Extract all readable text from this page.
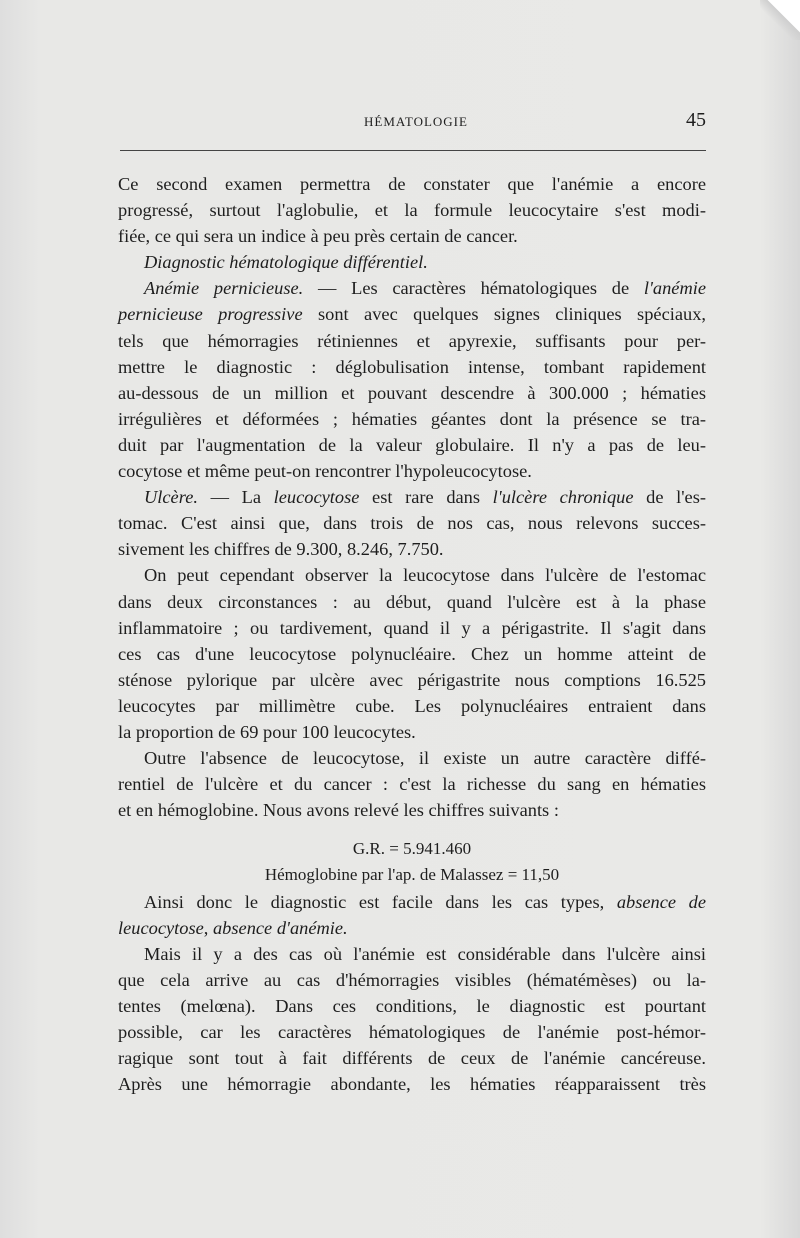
HÉMATOLOGIE	45
Ce second examen permettra de constater que l'anémie a encore
progressé, surtout l'aglobulie, et la formule leucocytaire s'est modi-
fiée, ce qui sera un indice à peu près certain de cancer.
Diagnostic hématologique différentiel.
Anémie pernicieuse. — Les caractères hématologiques de l'anémie
pernicieuse progressive sont avec quelques signes cliniques spéciaux,
tels que hémorragies rétiniennes et apyrexie, suffisants pour per-
mettre le diagnostic : déglobulisation intense, tombant rapidement
au-dessous de un million et pouvant descendre à 300.000 ; hématies
irrégulières et déformées ; hématies géantes dont la présence se tra-
duit par l'augmentation de la valeur globulaire. Il n'y a pas de leu-
cocytose et même peut-on rencontrer l'hypoleucocytose.
Ulcère. — La leucocytose est rare dans l'ulcère chronique de l'es-
tomac. C'est ainsi que, dans trois de nos cas, nous relevons succes-
sivement les chiffres de 9.300, 8.246, 7.750.
On peut cependant observer la leucocytose dans l'ulcère de l'estomac
dans deux circonstances : au début, quand l'ulcère est à la phase
inflammatoire ; ou tardivement, quand il y a périgastrite. Il s'agit dans
ces cas d'une leucocytose polynucléaire. Chez un homme atteint de
sténose pylorique par ulcère avec périgastrite nous comptions 16.525
leucocytes par millimètre cube. Les polynucléaires entraient dans
la proportion de 69 pour 100 leucocytes.
Outre l'absence de leucocytose, il existe un autre caractère diffé-
rentiel de l'ulcère et du cancer : c'est la richesse du sang en hématies
et en hémoglobine. Nous avons relevé les chiffres suivants :
G.R. = 5.941.460
Hémoglobine par l'ap. de Malassez = 11,50
Ainsi donc le diagnostic est facile dans les cas types, absence de
leucocytose, absence d'anémie.
Mais il y a des cas où l'anémie est considérable dans l'ulcère ainsi
que cela arrive au cas d'hémorragies visibles (hématémèses) ou la-
tentes (melœna). Dans ces conditions, le diagnostic est pourtant
possible, car les caractères hématologiques de l'anémie post-hémor-
ragique sont tout à fait différents de ceux de l'anémie cancéreuse.
Après une hémorragie abondante, les hématies réapparaissent très
